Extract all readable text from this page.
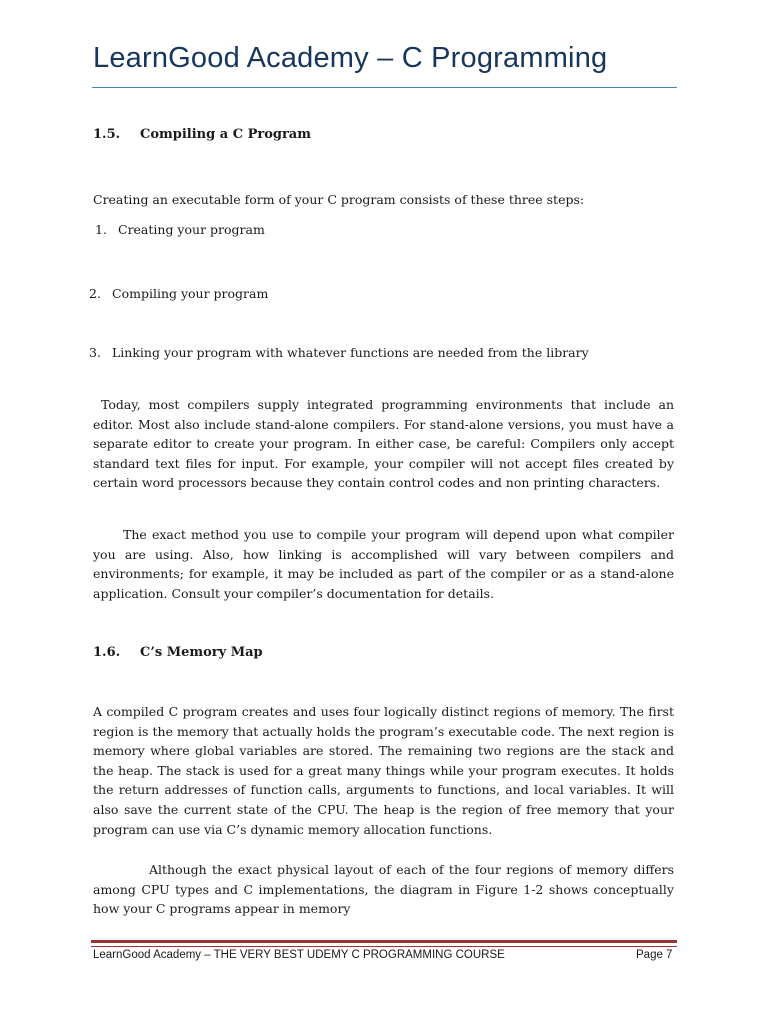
LearnGood Academy – C Programming
1.5. Compiling a C Program

Creating an executable form of your C program consists of these three steps:

1. Creating your program

2. Compiling your program

3. Linking your program with whatever functions are needed from the library

Today, most compilers supply integrated programming environments that include an editor. Most also include stand-alone compilers. For stand-alone versions, you must have a separate editor to create your program. In either case, be careful: Compilers only accept standard text files for input. For example, your compiler will not accept files created by certain word processors because they contain control codes and non printing characters.

The exact method you use to compile your program will depend upon what compiler you are using. Also, how linking is accomplished will vary between compilers and environments; for example, it may be included as part of the compiler or as a stand-alone application. Consult your compiler’s documentation for details.

1.6. C’s Memory Map

A compiled C program creates and uses four logically distinct regions of memory. The first region is the memory that actually holds the program’s executable code. The next region is memory where global variables are stored. The remaining two regions are the stack and the heap. The stack is used for a great many things while your program executes. It holds the return addresses of function calls, arguments to functions, and local variables. It will also save the current state of the CPU. The heap is the region of free memory that your program can use via C’s dynamic memory allocation functions.

Although the exact physical layout of each of the four regions of memory differs among CPU types and C implementations, the diagram in Figure 1-2 shows conceptually how your C programs appear in memory

LearnGood Academy – THE VERY BEST UDEMY C PROGRAMMING COURSE	Page 7
